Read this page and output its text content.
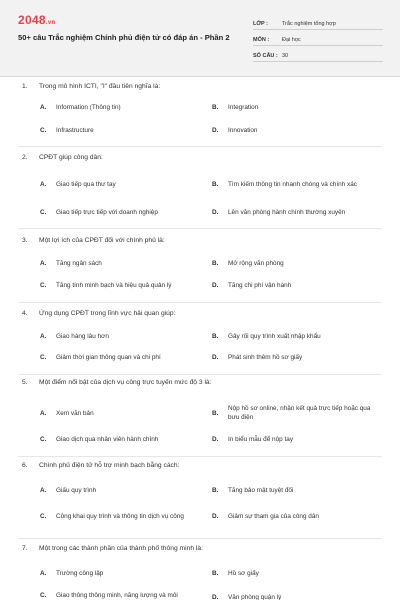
2048.vn
50+ câu Trắc nghiệm Chính phủ điện tử có đáp án - Phần 2
LỚP :	Trắc nghiệm tổng hợp
MÔN :	Đại học
SỐ CÂU : 30
1. Trong mô hình ICTI, "I" đầu tiên nghĩa là:
A.	Information (Thông tin)	B.	Integration
C.	Infrastructure	D.	Innovation
2. CPĐT giúp công dân:
A.	Giao tiếp qua thư tay	B.	Tìm kiếm thông tin nhanh chóng và chính xác
C.	Giao tiếp trực tiếp với doanh nghiệp	D.	Lên văn phòng hành chính thường xuyên
3. Một lợi ích của CPĐT đối với chính phủ là:
A.	Tăng ngân sách	B.	Mở rộng văn phòng
C.	Tăng tính minh bạch và hiệu quả quản lý	D.	Tăng chi phí vận hành
4. Ứng dụng CPĐT trong lĩnh vực hải quan giúp:
A.	Giao hàng lâu hơn	B.	Gây rối quy trình xuất nhập khẩu
C.	Giảm thời gian thông quan và chi phí	D.	Phát sinh thêm hồ sơ giấy
5. Một điểm nổi bật của dịch vụ công trực tuyến mức độ 3 là:
A.	Xem văn bản	B.
Nộp hồ sơ online, nhận kết quả trực tiếp hoặc qua bưu điện
C.	Giao dịch qua nhân viên hành chính	D.	In biểu mẫu để nộp tay
6. Chính phủ điện tử hỗ trợ minh bạch bằng cách:
A.	Giấu quy trình	B.	Tăng bảo mật tuyệt đối
C.	Công khai quy trình và thông tin dịch vụ công	D.	Giảm sự tham gia của công dân
7. Một trong các thành phần của thành phố thông minh là:
A.	Trường công lập	B.	Hồ sơ giấy
C.	Giao thông thông minh, năng lượng và môi	D.	Văn phòng quận lý
